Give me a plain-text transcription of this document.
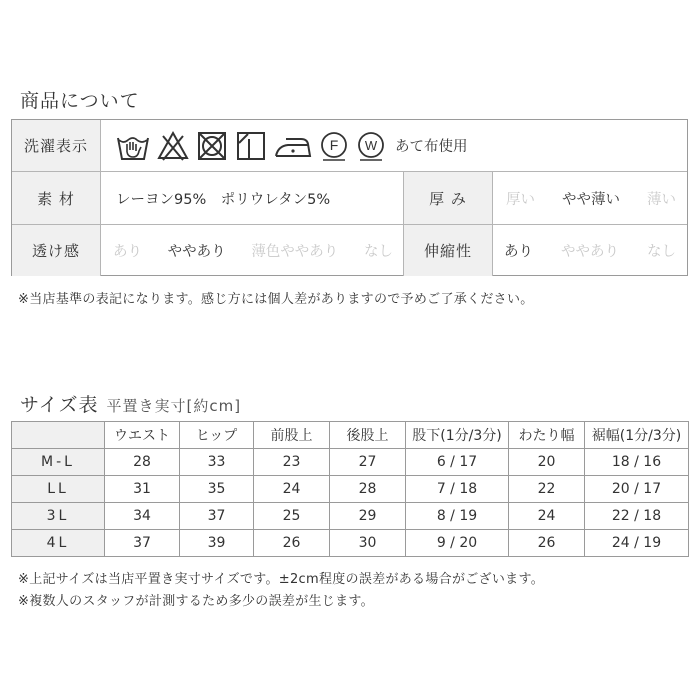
商品について
洗濯表示	F W あて布使用
素 材	レーヨン95%　ポリウレタン5%	厚 み	厚い やや薄い 薄い
透け感	あり ややあり 薄色ややあり なし	伸縮性	あり ややあり なし
※当店基準の表記になります。感じ方には個人差がありますので予めご了承ください。
サイズ表 平置き実寸[約cm]
	ウエスト	ヒップ	前股上	後股上	股下(1分/3分)	わたり幅	裾幅(1分/3分)
M-L	28	33	23	27	6 / 17	20	18 / 16
LL	31	35	24	28	7 / 18	22	20 / 17
3L	34	37	25	29	8 / 19	24	22 / 18
4L	37	39	26	30	9 / 20	26	24 / 19
※上記サイズは当店平置き実寸サイズです。±2cm程度の誤差がある場合がございます。
※複数人のスタッフが計測するため多少の誤差が生じます。
